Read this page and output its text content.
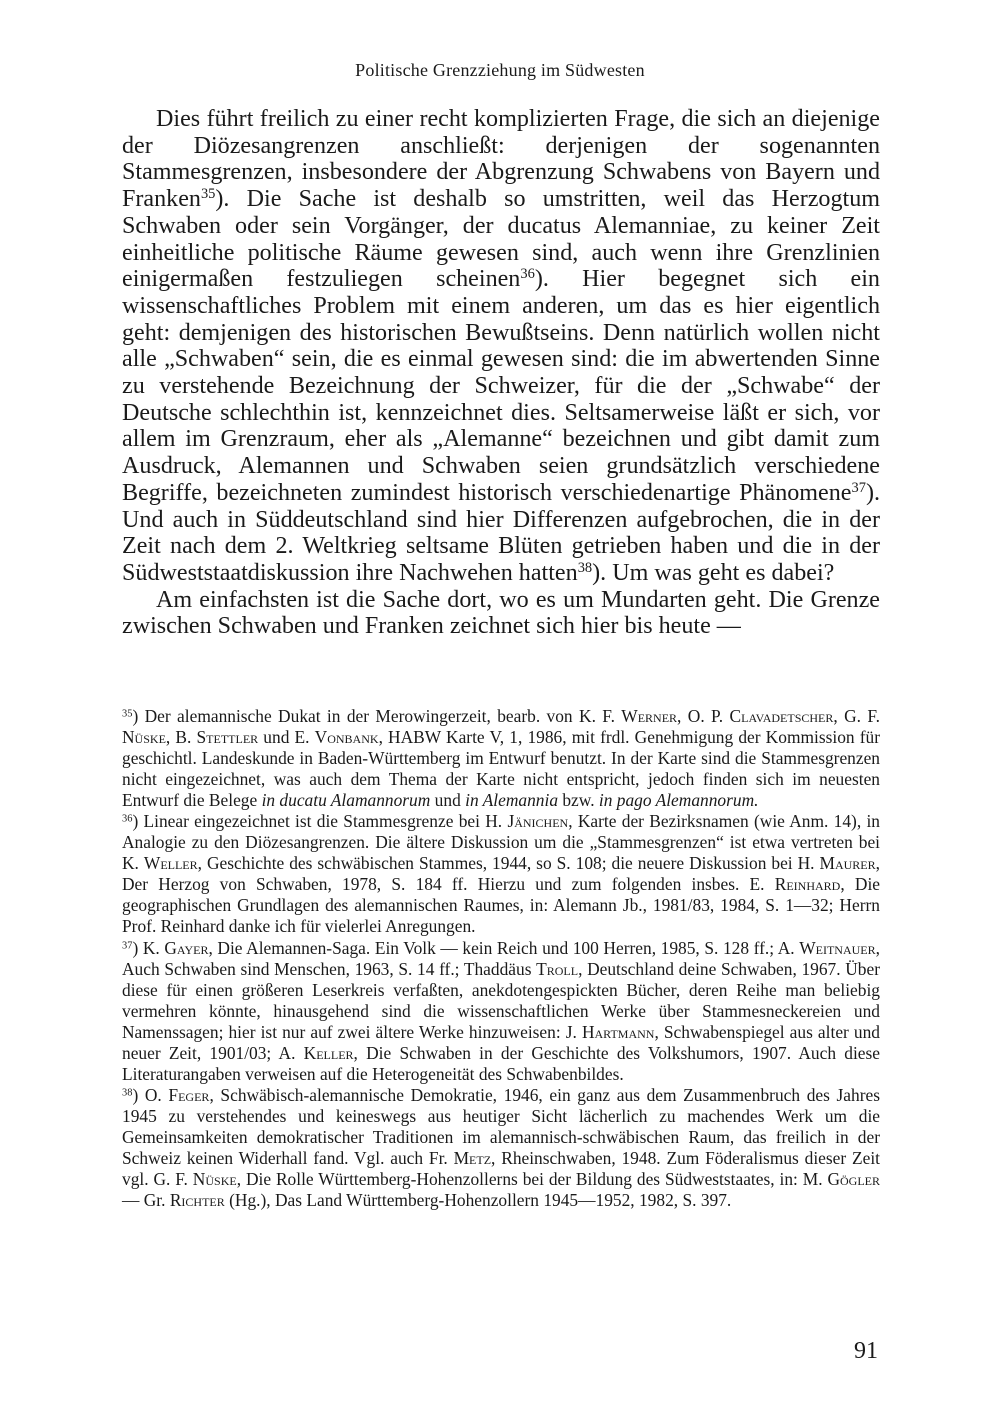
Politische Grenzziehung im Südwesten

Dies führt freilich zu einer recht komplizierten Frage, die sich an diejenige der Diözesangrenzen anschließt: derjenigen der sogenannten Stammesgrenzen, insbesondere der Abgrenzung Schwabens von Bayern und Franken$^{35}$). Die Sache ist deshalb so umstritten, weil das Herzogtum Schwaben oder sein Vorgänger, der ducatus Alemanniae, zu keiner Zeit einheitliche politische Räume gewesen sind, auch wenn ihre Grenzlinien einigermaßen festzuliegen scheinen$^{36}$). Hier begegnet sich ein wissenschaftliches Problem mit einem anderen, um das es hier eigentlich geht: demjenigen des historischen Bewußtseins. Denn natürlich wollen nicht alle „Schwaben“ sein, die es einmal gewesen sind: die im abwertenden Sinne zu verstehende Bezeichnung der Schweizer, für die der „Schwabe“ der Deutsche schlechthin ist, kennzeichnet dies. Seltsamerweise läßt er sich, vor allem im Grenzraum, eher als „Alemanne“ bezeichnen und gibt damit zum Ausdruck, Alemannen und Schwaben seien grundsätzlich verschiedene Begriffe, bezeichneten zumindest historisch verschiedenartige Phänomene$^{37}$). Und auch in Süddeutschland sind hier Differenzen aufgebrochen, die in der Zeit nach dem 2. Weltkrieg seltsame Blüten getrieben haben und die in der Südweststaatdiskussion ihre Nachwehen hatten$^{38}$). Um was geht es dabei?

Am einfachsten ist die Sache dort, wo es um Mundarten geht. Die Grenze zwischen Schwaben und Franken zeichnet sich hier bis heute —

$^{35}$) Der alemannische Dukat in der Merowingerzeit, bearb. von K. F. Werner, O. P. Clavadetscher, G. F. Nüske, B. Stettler und E. Vonbank, HABW Karte V, 1, 1986, mit frdl. Genehmigung der Kommission für geschichtl. Landeskunde in Baden-Württemberg im Entwurf benutzt. In der Karte sind die Stammesgrenzen nicht eingezeichnet, was auch dem Thema der Karte nicht entspricht, jedoch finden sich im neuesten Entwurf die Belege in ducatu Alamannorum und in Alemannia bzw. in pago Alemannorum.

$^{36}$) Linear eingezeichnet ist die Stammesgrenze bei H. Jänichen, Karte der Bezirksnamen (wie Anm. 14), in Analogie zu den Diözesangrenzen. Die ältere Diskussion um die „Stammesgrenzen“ ist etwa vertreten bei K. Weller, Geschichte des schwäbischen Stammes, 1944, so S. 108; die neuere Diskussion bei H. Maurer, Der Herzog von Schwaben, 1978, S. 184 ff. Hierzu und zum folgenden insbes. E. Reinhard, Die geographischen Grundlagen des alemannischen Raumes, in: Alemann Jb., 1981/83, 1984, S. 1—32; Herrn Prof. Reinhard danke ich für vielerlei Anregungen.

$^{37}$) K. Gayer, Die Alemannen-Saga. Ein Volk — kein Reich und 100 Herren, 1985, S. 128 ff.; A. Weitnauer, Auch Schwaben sind Menschen, 1963, S. 14 ff.; Thaddäus Troll, Deutschland deine Schwaben, 1967. Über diese für einen größeren Leserkreis verfaßten, anekdotengespickten Bücher, deren Reihe man beliebig vermehren könnte, hinausgehend sind die wissenschaftlichen Werke über Stammesneckereien und Namenssagen; hier ist nur auf zwei ältere Werke hinzuweisen: J. Hartmann, Schwabenspiegel aus alter und neuer Zeit, 1901/03; A. Keller, Die Schwaben in der Geschichte des Volkshumors, 1907. Auch diese Literaturangaben verweisen auf die Heterogeneität des Schwabenbildes.

$^{38}$) O. Feger, Schwäbisch-alemannische Demokratie, 1946, ein ganz aus dem Zusammenbruch des Jahres 1945 zu verstehendes und keineswegs aus heutiger Sicht lächerlich zu machendes Werk um die Gemeinsamkeiten demokratischer Traditionen im alemannisch-schwäbischen Raum, das freilich in der Schweiz keinen Widerhall fand. Vgl. auch Fr. Metz, Rheinschwaben, 1948. Zum Föderalismus dieser Zeit vgl. G. F. Nüske, Die Rolle Württemberg-Hohenzollerns bei der Bildung des Südweststaates, in: M. Gögler — Gr. Richter (Hg.), Das Land Württemberg-Hohenzollern 1945—1952, 1982, S. 397.

91
